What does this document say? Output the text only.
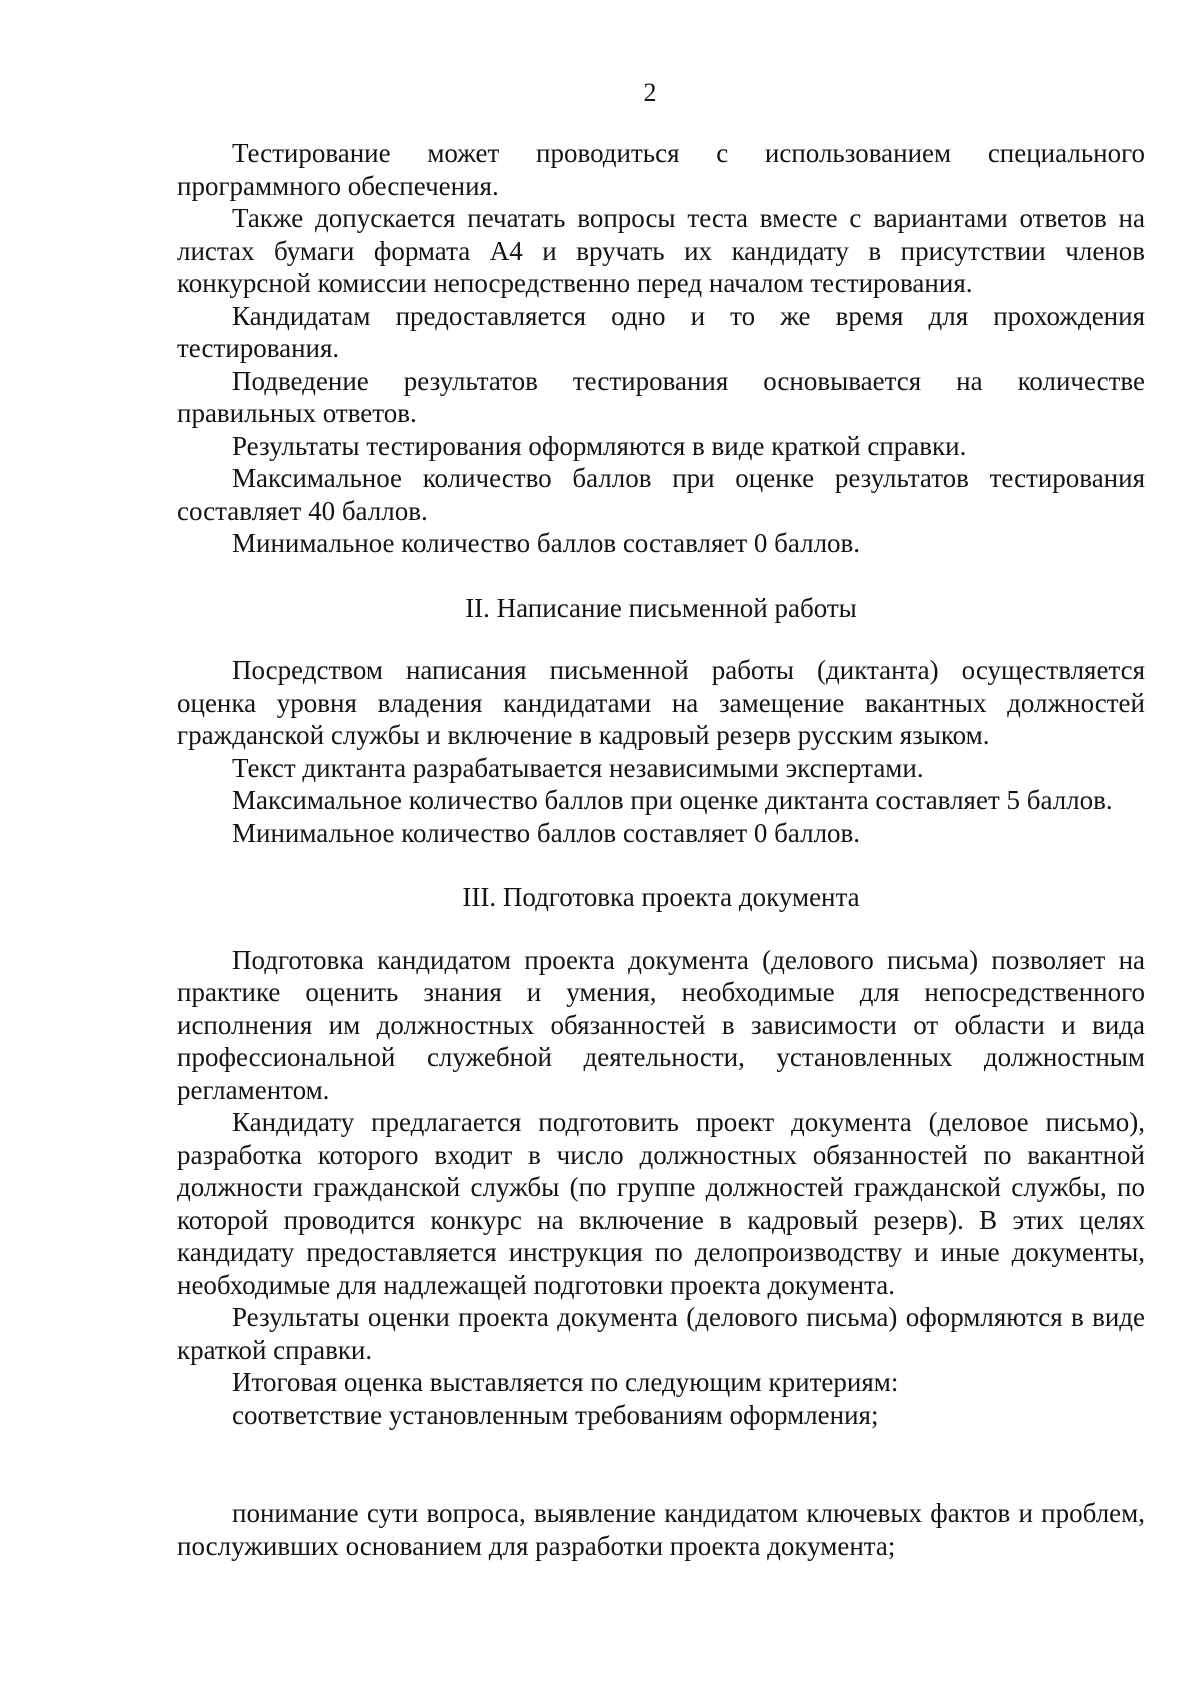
2

Тестирование может проводиться с использованием специального программного обеспечения.

Также допускается печатать вопросы теста вместе с вариантами ответов на листах бумаги формата А4 и вручать их кандидату в присутствии членов конкурсной комиссии непосредственно перед началом тестирования.

Кандидатам предоставляется одно и то же время для прохождения тестирования.

Подведение результатов тестирования основывается на количестве правильных ответов.

Результаты тестирования оформляются в виде краткой справки.

Максимальное количество баллов при оценке результатов тестирования составляет 40 баллов.

Минимальное количество баллов составляет 0 баллов.

II. Написание письменной работы

Посредством написания письменной работы (диктанта) осуществляется оценка уровня владения кандидатами на замещение вакантных должностей гражданской службы и включение в кадровый резерв русским языком.

Текст диктанта разрабатывается независимыми экспертами.

Максимальное количество баллов при оценке диктанта составляет 5 баллов.

Минимальное количество баллов составляет 0 баллов.

III. Подготовка проекта документа

Подготовка кандидатом проекта документа (делового письма) позволяет на практике оценить знания и умения, необходимые для непосредственного исполнения им должностных обязанностей в зависимости от области и вида профессиональной служебной деятельности, установленных должностным регламентом.

Кандидату предлагается подготовить проект документа (деловое письмо), разработка которого входит в число должностных обязанностей по вакантной должности гражданской службы (по группе должностей гражданской службы, по которой проводится конкурс на включение в кадровый резерв). В этих целях кандидату предоставляется инструкция по делопроизводству и иные документы, необходимые для надлежащей подготовки проекта документа.

Результаты оценки проекта документа (делового письма) оформляются в виде краткой справки.

Итоговая оценка выставляется по следующим критериям:

соответствие установленным требованиям оформления;

понимание сути вопроса, выявление кандидатом ключевых фактов и проблем, послуживших основанием для разработки проекта документа;
